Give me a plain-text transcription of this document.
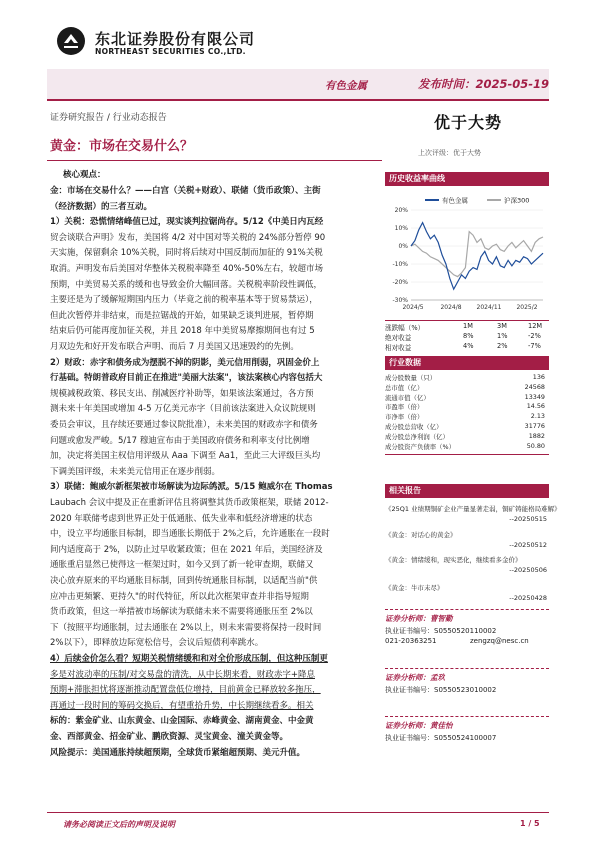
东北证券股份有限公司
NORTHEAST SECURITIES CO.,LTD.
有色金属	发布时间：2025-05-19
证券研究报告 / 行业动态报告	优于大势
黄金：市场在交易什么？	上次评级：优于大势
核心观点：
金：市场在交易什么？——白宫（关税+财政）、联储（货币政策）、主街
（经济数据）的三者互动。
1）关税：恐慌情绪峰值已过，现实谈判拉锯尚存。5/12《中美日内瓦经
贸会谈联合声明》发布，美国将 4/2 对中国对等关税的 24%部分暂停 90
天实施，保留剩余 10%关税，同时将后续对中国反制而加征的 91%关税
取消。声明发布后美国对华整体关税税率降至 40%-50%左右，较超市场
预期，中美贸易关系的缓和也导致金价大幅回落。关税税率阶段性调低，
主要还是为了缓解短期国内压力（毕竟之前的税率基本等于贸易禁运），
但此次暂停并非结束，而是拉锯战的开始，如果缺乏谈判进展，暂停期
结束后仍可能再度加征关税，并且 2018 年中美贸易摩擦期间也有过 5
月双边先和好开发布联合声明、而后 7 月美国又迅速毁约的先例。
2）财政：赤字和债务成为摆脱不掉的阴影，美元信用削弱，巩固金价上
行基础。特朗普政府目前正在推进"美丽大法案"，该法案核心内容包括大
规模减税政策、移民支出、削减医疗补助等，如果该法案通过，各方预
测未来十年美国或增加 4-5 万亿美元赤字（目前该法案进入众议院规则
委员会审议，且存续还要通过参议院批准），未来美国的财政赤字和债务
问题或愈发严峻。5/17 穆迪宣布由于美国政府债务和利率支付比例增
加，决定将美国主权信用评级从 Aaa 下调至 Aa1，至此三大评级巨头均
下调美国评级，未来美元信用正在逐步削弱。
3）联储：鲍威尔新框架被市场解读为边际鸽派。5/15 鲍威尔在 Thomas
Laubach 会议中提及正在重新评估且将调整其货币政策框架，联储 2012-
2020 年联储考虑到世界正处于低通胀、低失业率和低经济增速的状态
中，设立平均通胀目标制，即当通胀长期低于 2%之后，允许通胀在一段时
间内适度高于 2%，以防止过早收紧政策；但在 2021 年后，美国经济及
通胀重启显然已使得这一框架过时，如今又到了新一轮审查期，联储又
决心放弃原来的平均通胀目标制，回到传统通胀目标制，以适配当前"供
应冲击更频繁、更持久"的时代特征，所以此次框架审查并非指导短期
货币政策，但这一举措被市场解读为联储未来不需要将通胀压至 2%以
下（按照平均通胀制，过去通胀在 2%以上，则未来需要将保持一段时间
2%以下），即释放边际宽松信号，会议后短债利率跳水。
4）后续金价怎么看？短期关税情绪缓和和对全价形成压制，但这种压制更
多是对波动率的压制/对交易盘的清洗，从中长期来看，财政赤字+降息
预期+滞胀担忧将逐渐推动配置盘低位增持，目前黄金已释放较多拖压，
再通过一段时间的筹码交换后，有望重拾升势，中长期继续看多。相关
标的：紫金矿业、山东黄金、山金国际、赤峰黄金、湖南黄金、中金黄
金、西部黄金、招金矿业、鹏欣资源、灵宝黄金、潼关黄金等。
风险提示：美国通胀持续超预期，全球货币紧缩超预期、美元升值。
历史收益率曲线
-30%
-20%
-10%
0%
10%
20%
2024/5	2024/8 2024/11 2025/2
有色金属	沪深300
涨跌幅（%）	1M	3M	12M
绝对收益	8%	1%	-2%
相对收益	4%	2%	-7%
行业数据
成分股数量（只）	136
总市值（亿）	24568
流通市值（亿）	13349
市盈率（倍）	14.56
市净率（倍）	2.13
成分股总营收（亿）	31776
成分股总净利润（亿）	1882
成分股资产负债率（%）	50.80
相关报告
《25Q1 业绩期铜矿企业产量显著走弱，铜矿铸能格局难解》
--20250515
《黄金：对话心的黄金》
--20250512
《黄金：情绪缓和，现实恶化，继续看多金价》
--20250506
《黄金：牛市未尽》
--20250428
证券分析师：曹智勤
执业证书编号：S0550520110002
021-20363251	zengzq@nesc.cn
证券分析师：孟玖
执业证书编号：S0550523010002
证券分析师：黄佳怡
执业证书编号：S0550524100007
请务必阅读正文后的声明及说明	1 / 5
